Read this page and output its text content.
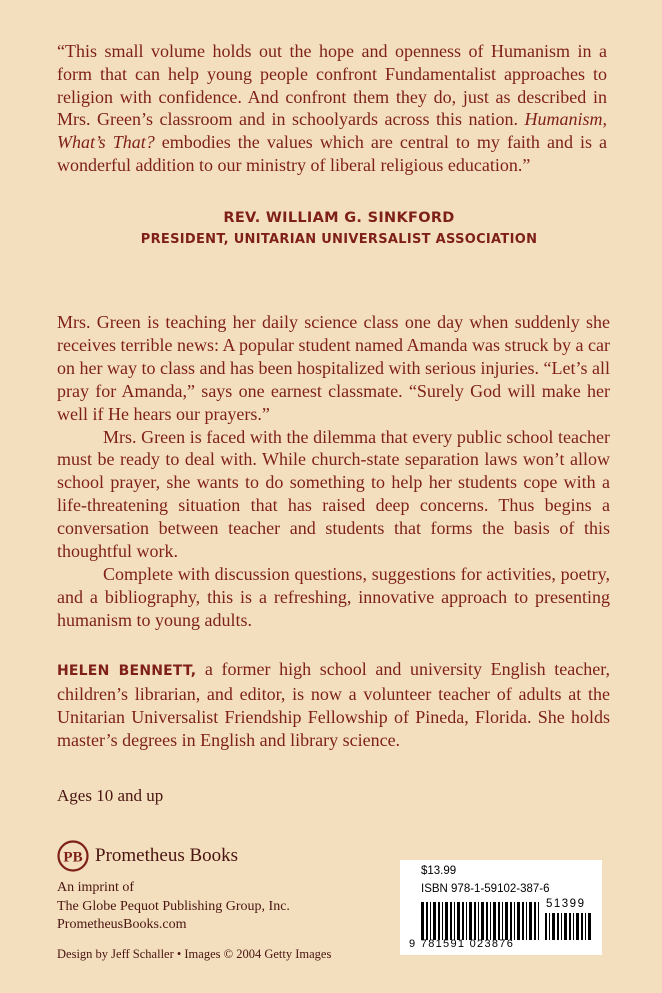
“This small volume holds out the hope and openness of Humanism in a form that can help young people confront Fundamentalist approaches to religion with confidence. And confront them they do, just as described in Mrs. Green’s classroom and in schoolyards across this nation. Humanism, What’s That? embodies the values which are central to my faith and is a wonderful addition to our ministry of liberal religious education.”
REV. WILLIAM G. SINKFORD
PRESIDENT, UNITARIAN UNIVERSALIST ASSOCIATION

Mrs. Green is teaching her daily science class one day when suddenly she receives terrible news: A popular student named Amanda was struck by a car on her way to class and has been hospitalized with serious injuries. “Let’s all pray for Amanda,” says one earnest classmate. “Surely God will make her well if He hears our prayers.”

Mrs. Green is faced with the dilemma that every public school teacher must be ready to deal with. While church-state separation laws won’t allow school prayer, she wants to do something to help her students cope with a life-threatening situation that has raised deep concerns. Thus begins a conversation between teacher and students that forms the basis of this thoughtful work.

Complete with discussion questions, suggestions for activities, poetry, and a bibliography, this is a refreshing, innovative approach to presenting humanism to young adults.

HELEN BENNETT, a former high school and university English teacher, children’s librarian, and editor, is now a volunteer teacher of adults at the Unitarian Universalist Friendship Fellowship of Pineda, Florida. She holds master’s degrees in English and library science.

Ages 10 and up
PB Prometheus Books
An imprint of
The Globe Pequot Publishing Group, Inc.
PrometheusBooks.com
Design by Jeff Schaller • Images © 2004 Getty Images
$13.99
ISBN 978-1-59102-387-6
51399
9 781591 023876
